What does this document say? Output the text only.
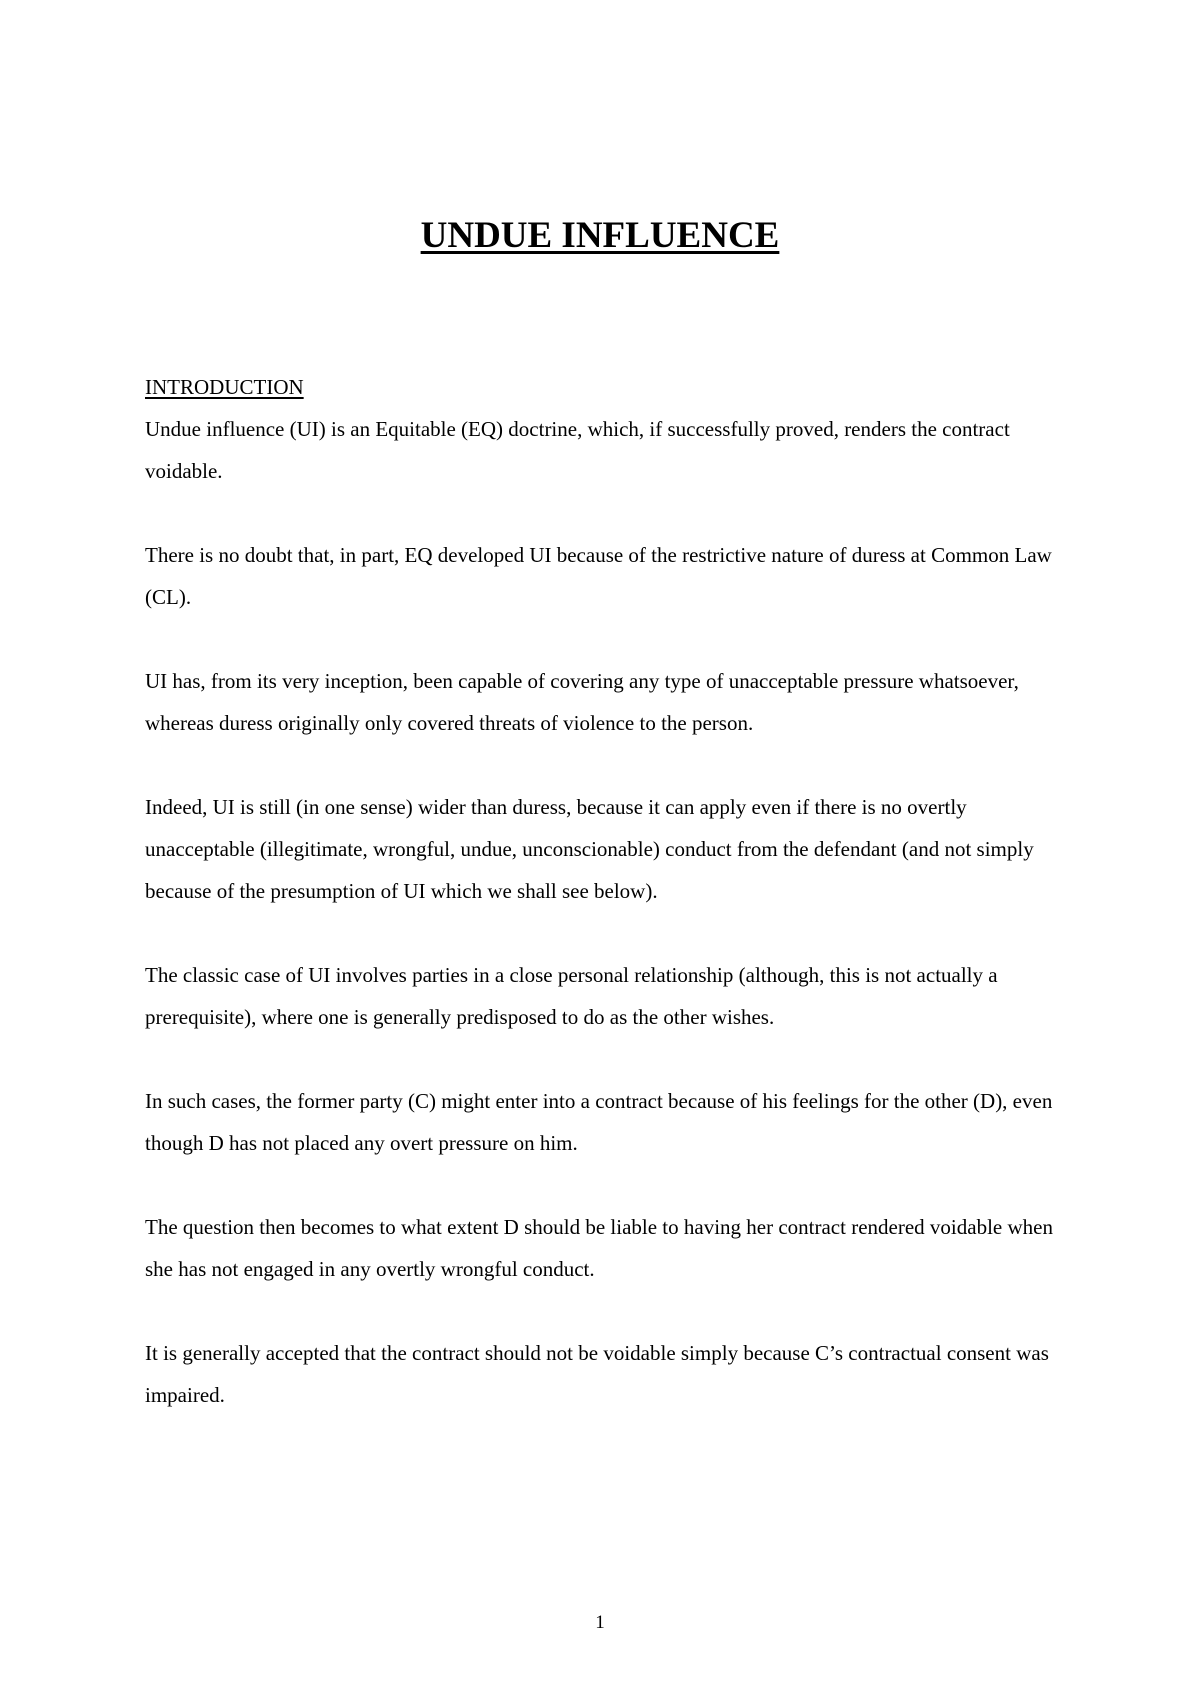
UNDUE INFLUENCE
INTRODUCTION

Undue influence (UI) is an Equitable (EQ) doctrine, which, if successfully proved, renders the contract voidable.

There is no doubt that, in part, EQ developed UI because of the restrictive nature of duress at Common Law (CL).

UI has, from its very inception, been capable of covering any type of unacceptable pressure whatsoever, whereas duress originally only covered threats of violence to the person.

Indeed, UI is still (in one sense) wider than duress, because it can apply even if there is no overtly unacceptable (illegitimate, wrongful, undue, unconscionable) conduct from the defendant (and not simply because of the presumption of UI which we shall see below).

The classic case of UI involves parties in a close personal relationship (although, this is not actually a prerequisite), where one is generally predisposed to do as the other wishes.

In such cases, the former party (C) might enter into a contract because of his feelings for the other (D), even though D has not placed any overt pressure on him.

The question then becomes to what extent D should be liable to having her contract rendered voidable when she has not engaged in any overtly wrongful conduct.

It is generally accepted that the contract should not be voidable simply because C’s contractual consent was impaired.

1
